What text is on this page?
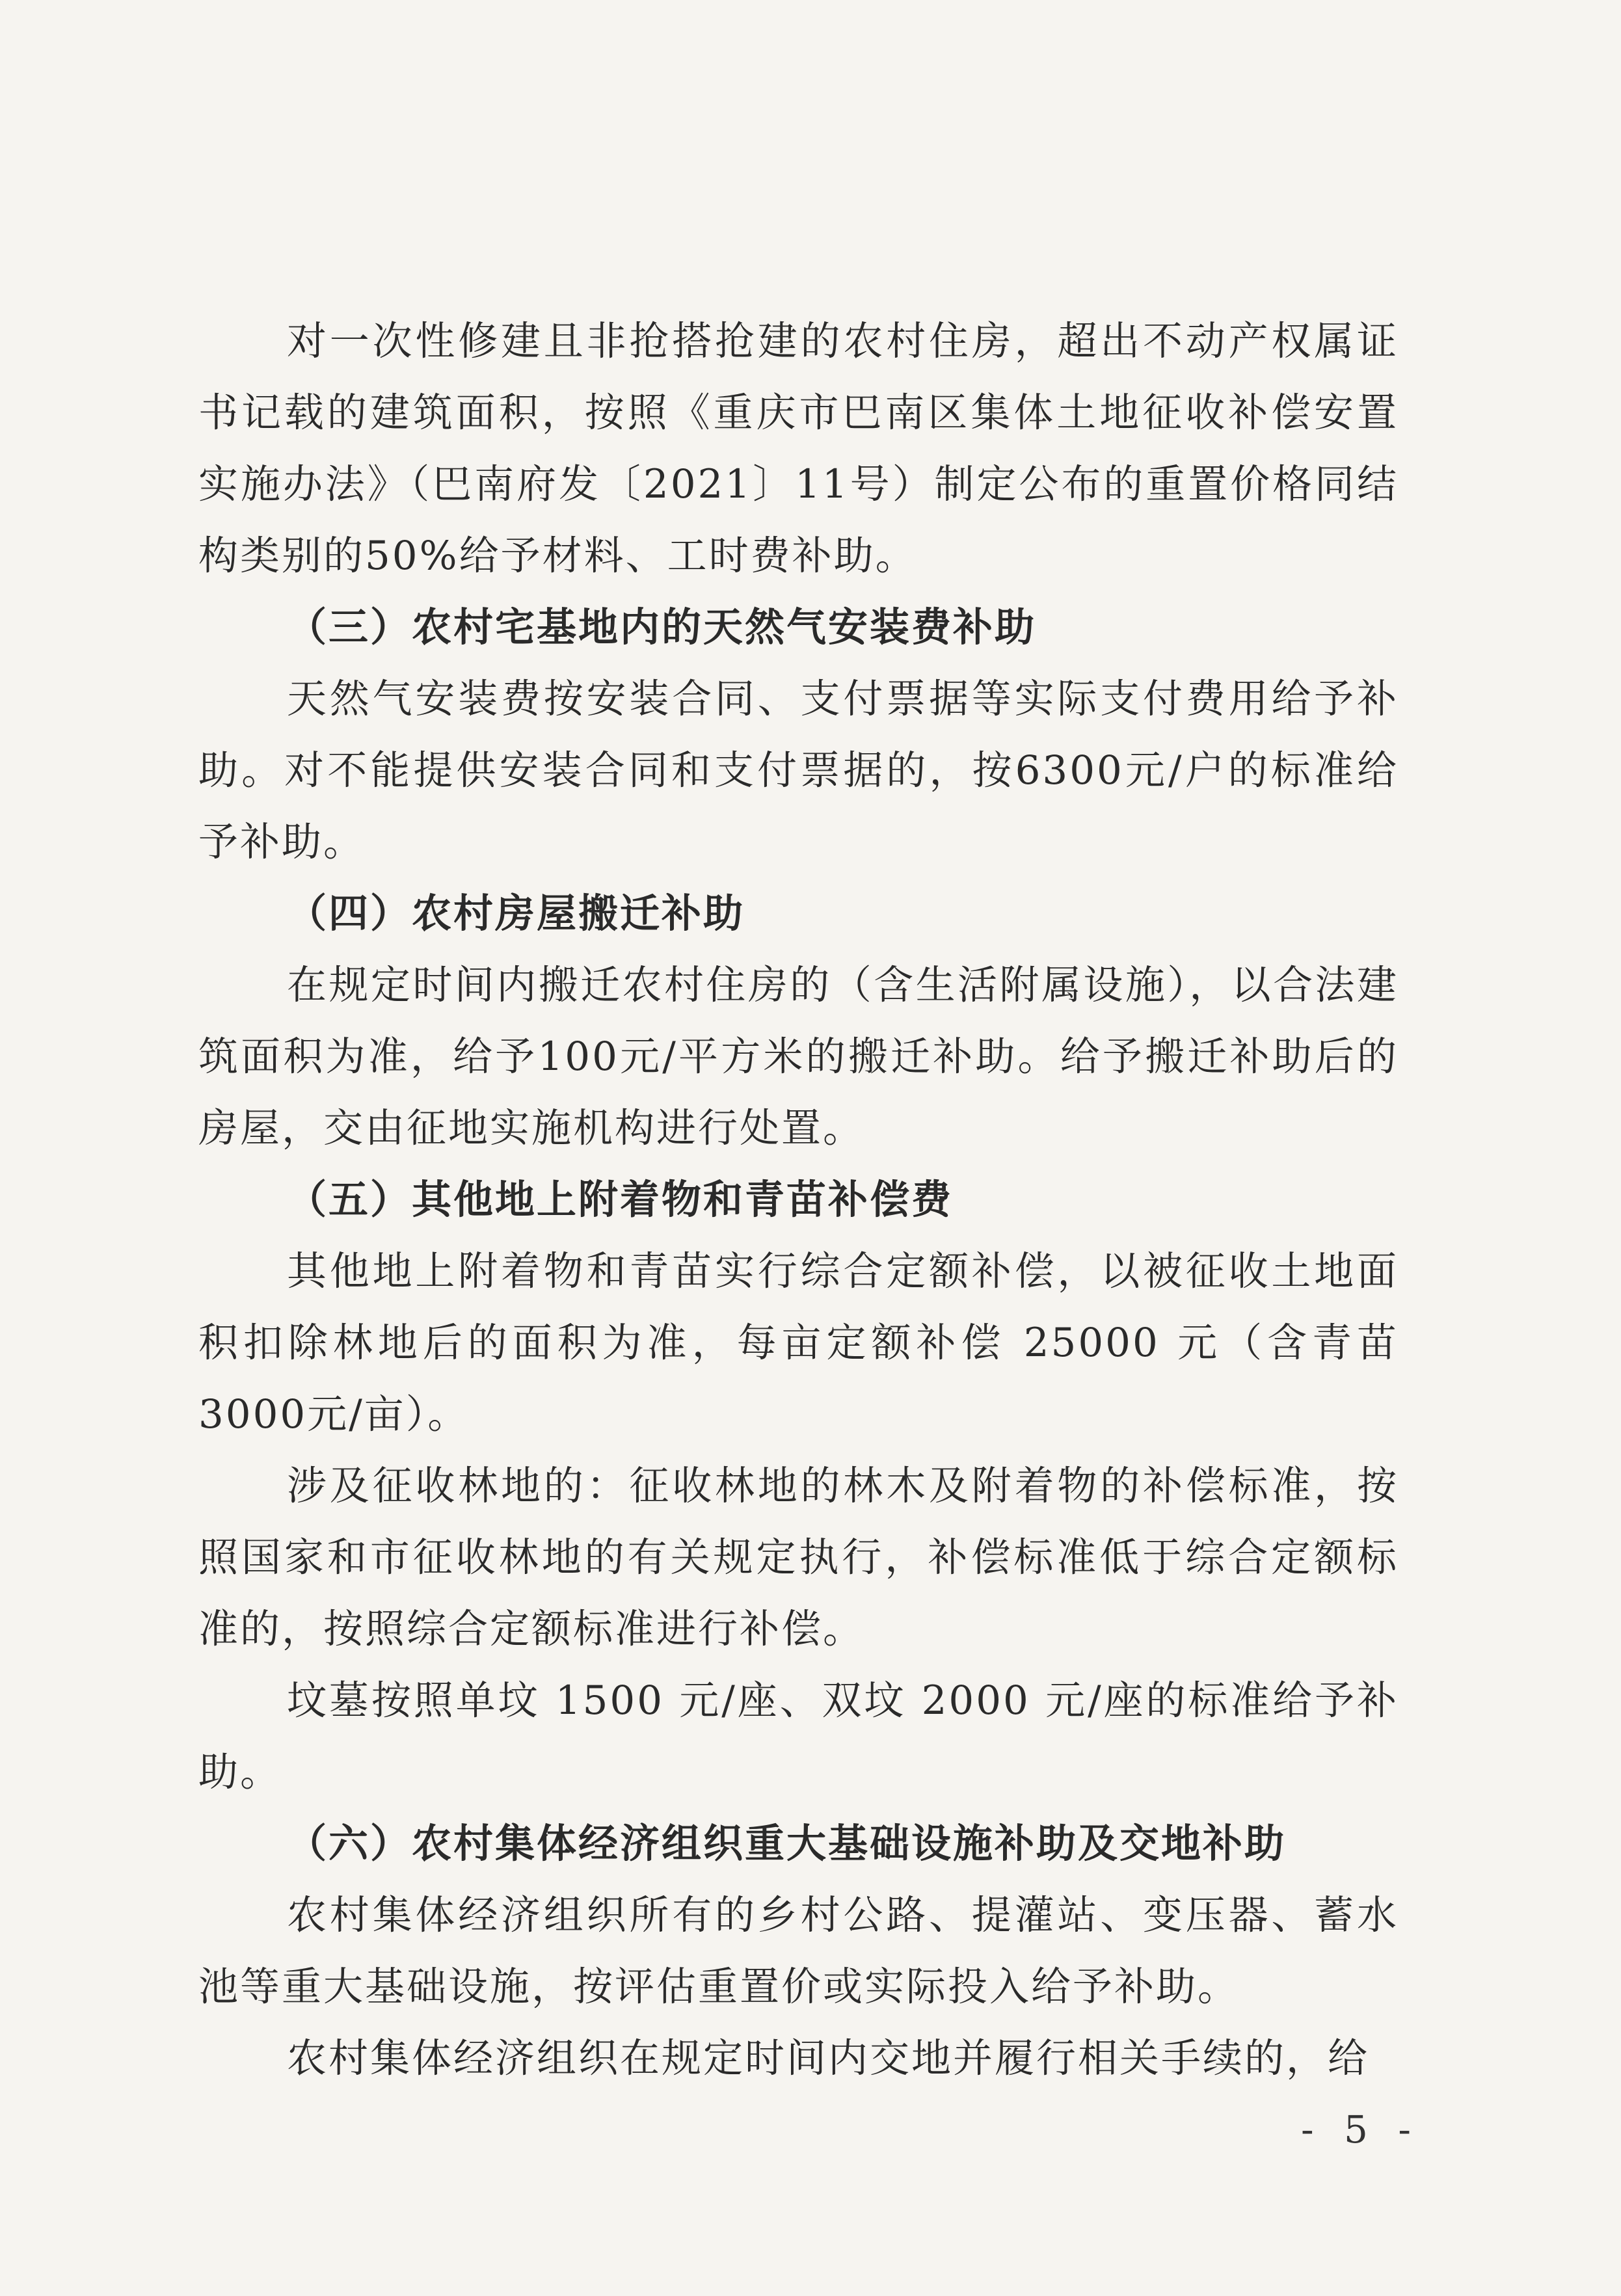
对一次性修建且非抢搭抢建的农村住房，超出不动产权属证书记载的建筑面积，按照《重庆市巴南区集体土地征收补偿安置实施办法》（巴南府发〔2021〕11号）制定公布的重置价格同结构类别的50%给予材料、工时费补助。

（三）农村宅基地内的天然气安装费补助

天然气安装费按安装合同、支付票据等实际支付费用给予补助。对不能提供安装合同和支付票据的，按6300元/户的标准给予补助。

（四）农村房屋搬迁补助

在规定时间内搬迁农村住房的（含生活附属设施），以合法建筑面积为准，给予100元/平方米的搬迁补助。给予搬迁补助后的房屋，交由征地实施机构进行处置。

（五）其他地上附着物和青苗补偿费

其他地上附着物和青苗实行综合定额补偿，以被征收土地面积扣除林地后的面积为准，每亩定额补偿 25000 元（含青苗 3000元/亩）。

涉及征收林地的：征收林地的林木及附着物的补偿标准，按照国家和市征收林地的有关规定执行，补偿标准低于综合定额标准的，按照综合定额标准进行补偿。

坟墓按照单坟 1500 元/座、双坟 2000 元/座的标准给予补助。

（六）农村集体经济组织重大基础设施补助及交地补助

农村集体经济组织所有的乡村公路、提灌站、变压器、蓄水池等重大基础设施，按评估重置价或实际投入给予补助。

农村集体经济组织在规定时间内交地并履行相关手续的，给

- 5 -
